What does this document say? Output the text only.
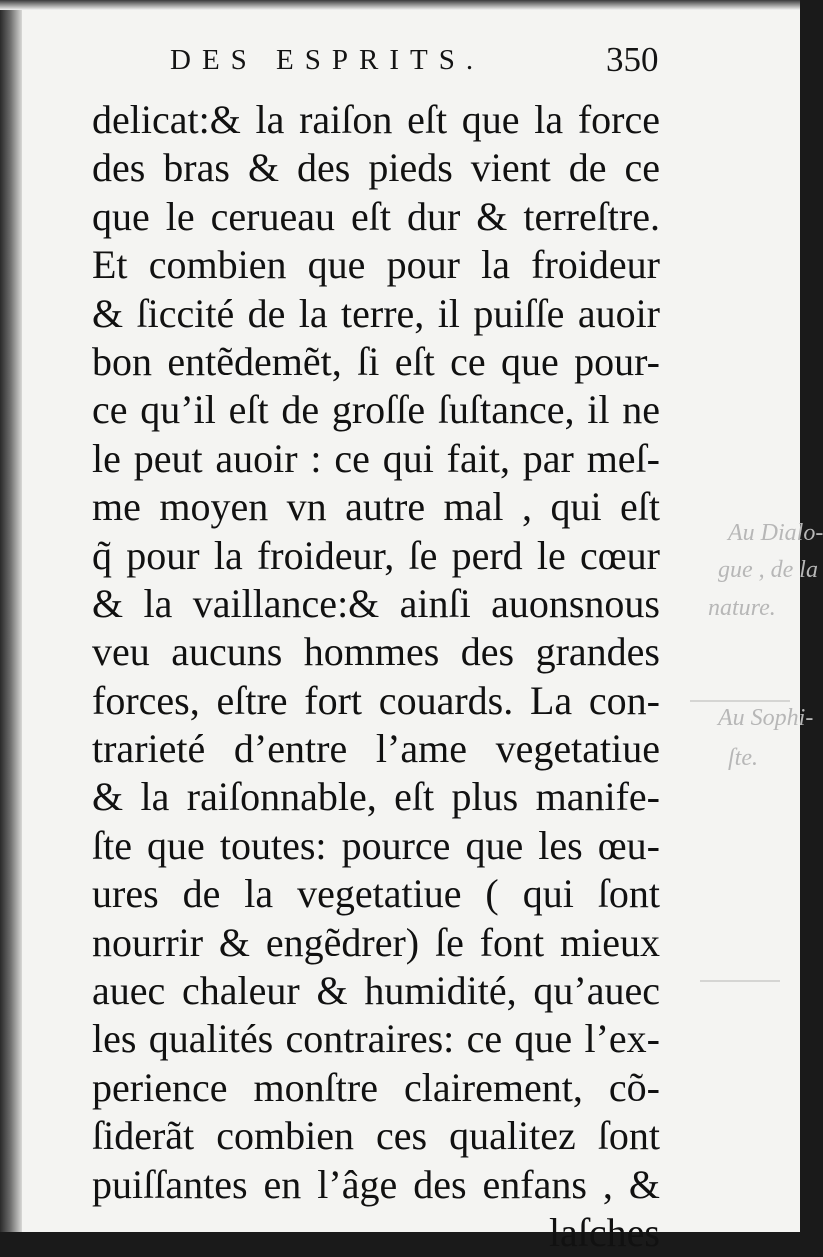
DES ESPRITS.	350
Au Dialo-
gue , de la
nature.
Au Sophi-
ſte.
delicat:& la raiſon eſt que la force
des bras & des pieds vient de ce
que le cerueau eſt dur & terreſtre.
Et combien que pour la froideur
& ſiccité de la terre, il puiſſe auoir
bon entẽdemẽt, ſi eſt ce que pour-
ce qu’il eſt de groſſe ſuſtance, il ne
le peut auoir : ce qui fait, par meſ-
me moyen vn autre mal , qui eſt
q̃ pour la froideur, ſe perd le cœur
& la vaillance:& ainſi auonsnous
veu aucuns hommes des grandes
forces, eſtre fort couards. La con-
trarieté d’entre l’ame vegetatiue
& la raiſonnable, eſt plus manife-
ſte que toutes: pource que les œu-
ures de la vegetatiue ( qui ſont
nourrir & engẽdrer) ſe font mieux
auec chaleur & humidité, qu’auec
les qualités contraires: ce que l’ex-
perience monſtre clairement, cõ-
ſiderãt combien ces qualitez ſont
puiſſantes en l’âge des enfans , &
laſches
